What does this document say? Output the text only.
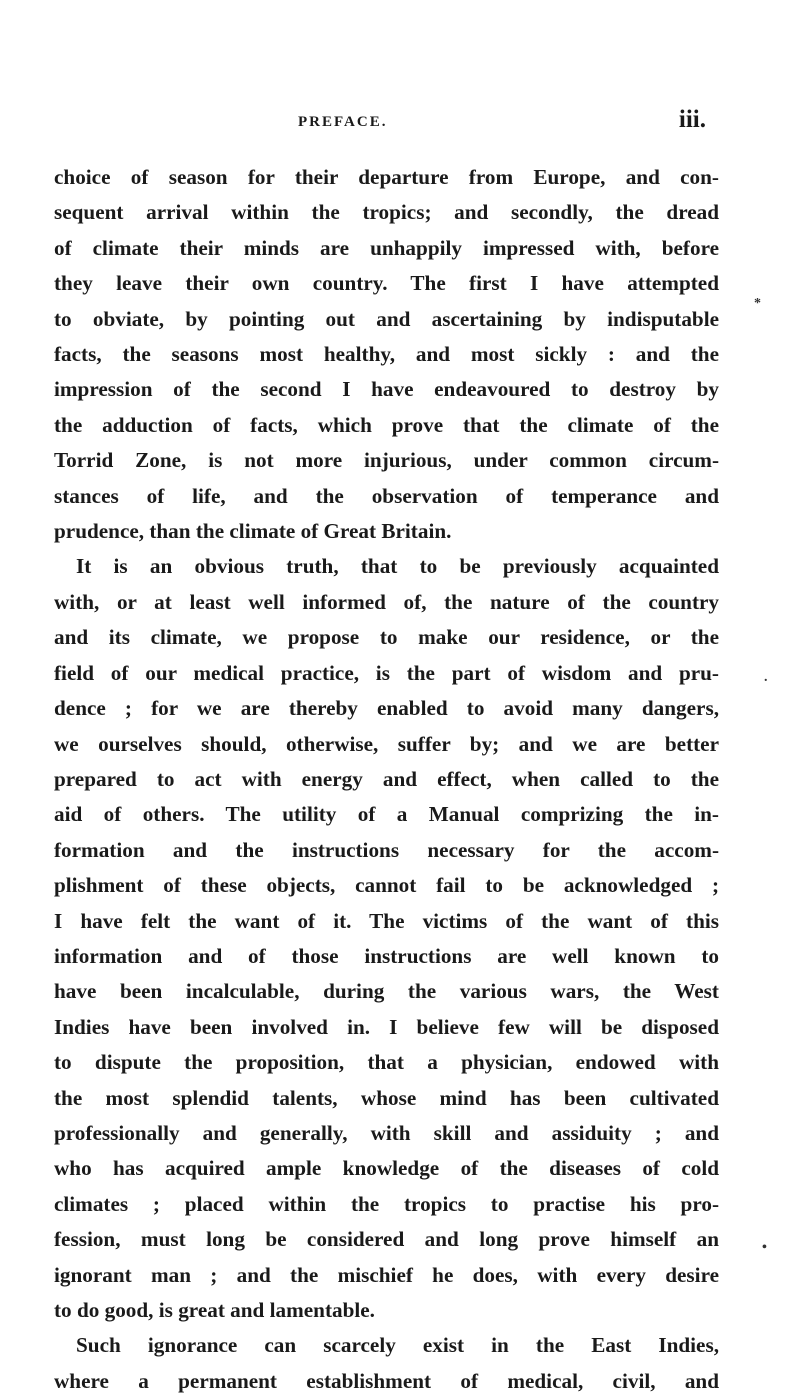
PREFACE.	iii.
*
.
•
choice of season for their departure from Europe, and con-
sequent arrival within the tropics; and secondly, the dread
of climate their minds are unhappily impressed with, before
they leave their own country. The first I have attempted
to obviate, by pointing out and ascertaining by indisputable
facts, the seasons most healthy, and most sickly : and the
impression of the second I have endeavoured to destroy by
the adduction of facts, which prove that the climate of the
Torrid Zone, is not more injurious, under common circum-
stances of life, and the observation of temperance and
prudence, than the climate of Great Britain.
It is an obvious truth, that to be previously acquainted
with, or at least well informed of, the nature of the country
and its climate, we propose to make our residence, or the
field of our medical practice, is the part of wisdom and pru-
dence ; for we are thereby enabled to avoid many dangers,
we ourselves should, otherwise, suffer by; and we are better
prepared to act with energy and effect, when called to the
aid of others. The utility of a Manual comprizing the in-
formation and the instructions necessary for the accom-
plishment of these objects, cannot fail to be acknowledged ;
I have felt the want of it. The victims of the want of this
information and of those instructions are well known to
have been incalculable, during the various wars, the West
Indies have been involved in. I believe few will be disposed
to dispute the proposition, that a physician, endowed with
the most splendid talents, whose mind has been cultivated
professionally and generally, with skill and assiduity ; and
who has acquired ample knowledge of the diseases of cold
climates ; placed within the tropics to practise his pro-
fession, must long be considered and long prove himself an
ignorant man ; and the mischief he does, with every desire
to do good, is great and lamentable.
Such ignorance can scarcely exist in the East Indies,
where a permanent establishment of medical, civil, and
